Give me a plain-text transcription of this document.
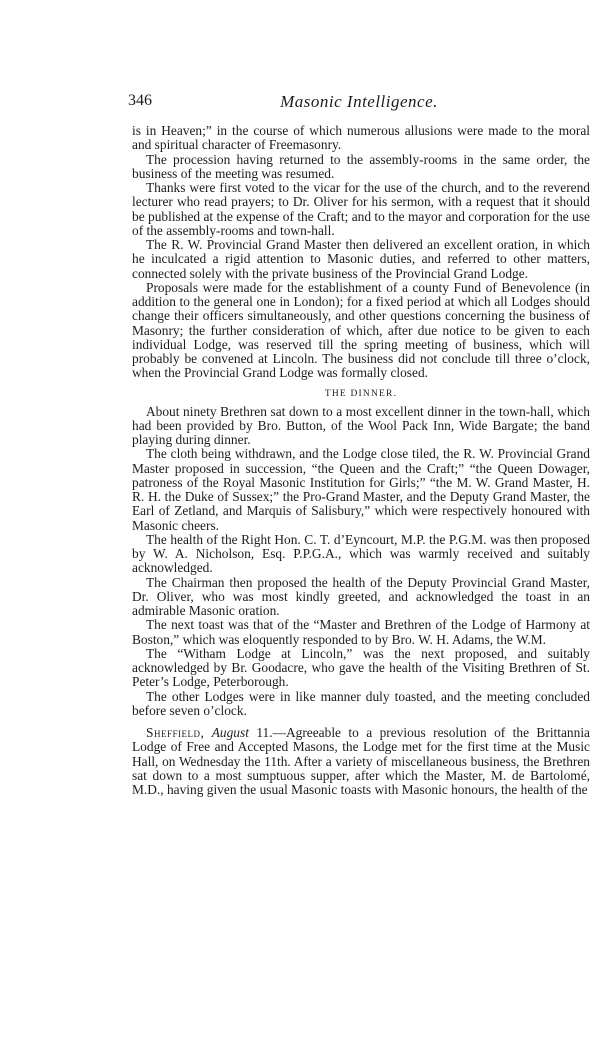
346	Masonic Intelligence.

is in Heaven;” in the course of which numerous allusions were made to the moral and spiritual character of Freemasonry.

The procession having returned to the assembly-rooms in the same order, the business of the meeting was resumed.

Thanks were first voted to the vicar for the use of the church, and to the reverend lecturer who read prayers; to Dr. Oliver for his sermon, with a request that it should be published at the expense of the Craft; and to the mayor and corporation for the use of the assembly-rooms and town-hall.

The R. W. Provincial Grand Master then delivered an excellent oration, in which he inculcated a rigid attention to Masonic duties, and referred to other matters, connected solely with the private business of the Provincial Grand Lodge.

Proposals were made for the establishment of a county Fund of Benevolence (in addition to the general one in London); for a fixed period at which all Lodges should change their officers simultaneously, and other questions concerning the business of Masonry; the further consideration of which, after due notice to be given to each individual Lodge, was reserved till the spring meeting of business, which will probably be convened at Lincoln. The business did not conclude till three o’clock, when the Provincial Grand Lodge was formally closed.

THE DINNER.

About ninety Brethren sat down to a most excellent dinner in the town-hall, which had been provided by Bro. Button, of the Wool Pack Inn, Wide Bargate; the band playing during dinner.

The cloth being withdrawn, and the Lodge close tiled, the R. W. Provincial Grand Master proposed in succession, “the Queen and the Craft;” “the Queen Dowager, patroness of the Royal Masonic Institution for Girls;” “the M. W. Grand Master, H. R. H. the Duke of Sussex;” the Pro-Grand Master, and the Deputy Grand Master, the Earl of Zetland, and Marquis of Salisbury,” which were respectively honoured with Masonic cheers.

The health of the Right Hon. C. T. d’Eyncourt, M.P. the P.G.M. was then proposed by W. A. Nicholson, Esq. P.P.G.A., which was warmly received and suitably acknowledged.

The Chairman then proposed the health of the Deputy Provincial Grand Master, Dr. Oliver, who was most kindly greeted, and acknowledged the toast in an admirable Masonic oration.

The next toast was that of the “Master and Brethren of the Lodge of Harmony at Boston,” which was eloquently responded to by Bro. W. H. Adams, the W.M.

The “Witham Lodge at Lincoln,” was the next proposed, and suitably acknowledged by Br. Goodacre, who gave the health of the Visiting Brethren of St. Peter’s Lodge, Peterborough.

The other Lodges were in like manner duly toasted, and the meeting concluded before seven o’clock.

Sheffield, August 11.—Agreeable to a previous resolution of the Brittannia Lodge of Free and Accepted Masons, the Lodge met for the first time at the Music Hall, on Wednesday the 11th. After a variety of miscellaneous business, the Brethren sat down to a most sumptuous supper, after which the Master, M. de Bartolomé, M.D., having given the usual Masonic toasts with Masonic honours, the health of the
